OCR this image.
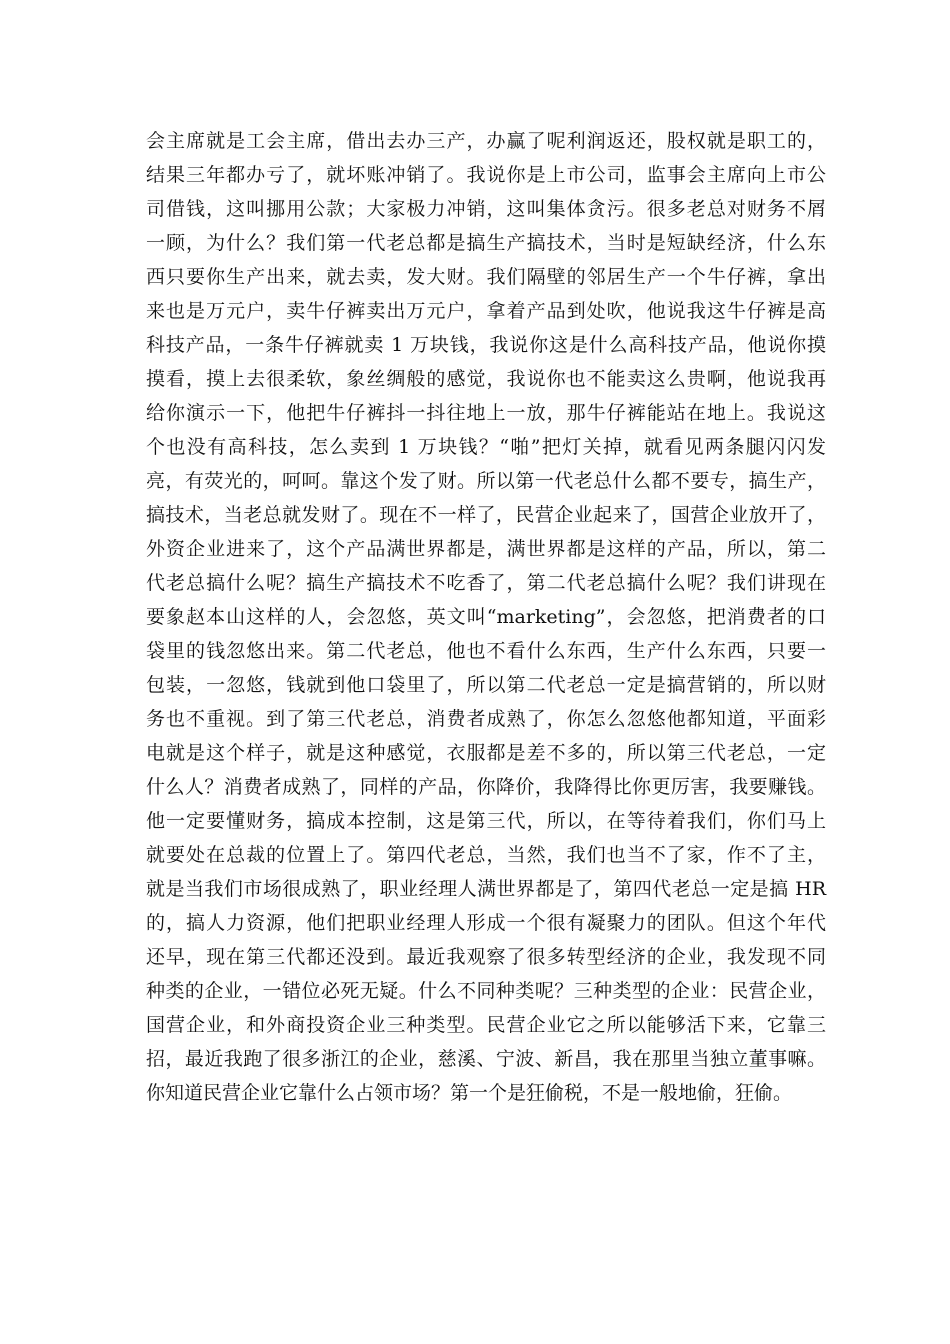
会主席就是工会主席，借出去办三产，办赢了呢利润返还，股权就是职工的，
结果三年都办亏了，就坏账冲销了。我说你是上市公司，监事会主席向上市公
司借钱，这叫挪用公款；大家极力冲销，这叫集体贪污。很多老总对财务不屑
一顾，为什么？我们第一代老总都是搞生产搞技术，当时是短缺经济，什么东
西只要你生产出来，就去卖，发大财。我们隔壁的邻居生产一个牛仔裤，拿出
来也是万元户，卖牛仔裤卖出万元户，拿着产品到处吹，他说我这牛仔裤是高
科技产品，一条牛仔裤就卖 1 万块钱，我说你这是什么高科技产品，他说你摸
摸看，摸上去很柔软，象丝绸般的感觉，我说你也不能卖这么贵啊，他说我再
给你演示一下，他把牛仔裤抖一抖往地上一放，那牛仔裤能站在地上。我说这
个也没有高科技，怎么卖到 1 万块钱？“啪”把灯关掉，就看见两条腿闪闪发
亮，有荧光的，呵呵。靠这个发了财。所以第一代老总什么都不要专，搞生产，
搞技术，当老总就发财了。现在不一样了，民营企业起来了，国营企业放开了，
外资企业进来了，这个产品满世界都是，满世界都是这样的产品，所以，第二
代老总搞什么呢？搞生产搞技术不吃香了，第二代老总搞什么呢？我们讲现在
要象赵本山这样的人，会忽悠，英文叫“marketing”，会忽悠，把消费者的口
袋里的钱忽悠出来。第二代老总，他也不看什么东西，生产什么东西，只要一
包装，一忽悠，钱就到他口袋里了，所以第二代老总一定是搞营销的，所以财
务也不重视。到了第三代老总，消费者成熟了，你怎么忽悠他都知道，平面彩
电就是这个样子，就是这种感觉，衣服都是差不多的，所以第三代老总，一定
什么人？消费者成熟了，同样的产品，你降价，我降得比你更厉害，我要赚钱。
他一定要懂财务，搞成本控制，这是第三代，所以，在等待着我们，你们马上
就要处在总裁的位置上了。第四代老总，当然，我们也当不了家，作不了主，
就是当我们市场很成熟了，职业经理人满世界都是了，第四代老总一定是搞 HR
的，搞人力资源，他们把职业经理人形成一个很有凝聚力的团队。但这个年代
还早，现在第三代都还没到。最近我观察了很多转型经济的企业，我发现不同
种类的企业，一错位必死无疑。什么不同种类呢？三种类型的企业：民营企业，
国营企业，和外商投资企业三种类型。民营企业它之所以能够活下来，它靠三
招，最近我跑了很多浙江的企业，慈溪、宁波、新昌，我在那里当独立董事嘛。
你知道民营企业它靠什么占领市场？第一个是狂偷税，不是一般地偷，狂偷。
